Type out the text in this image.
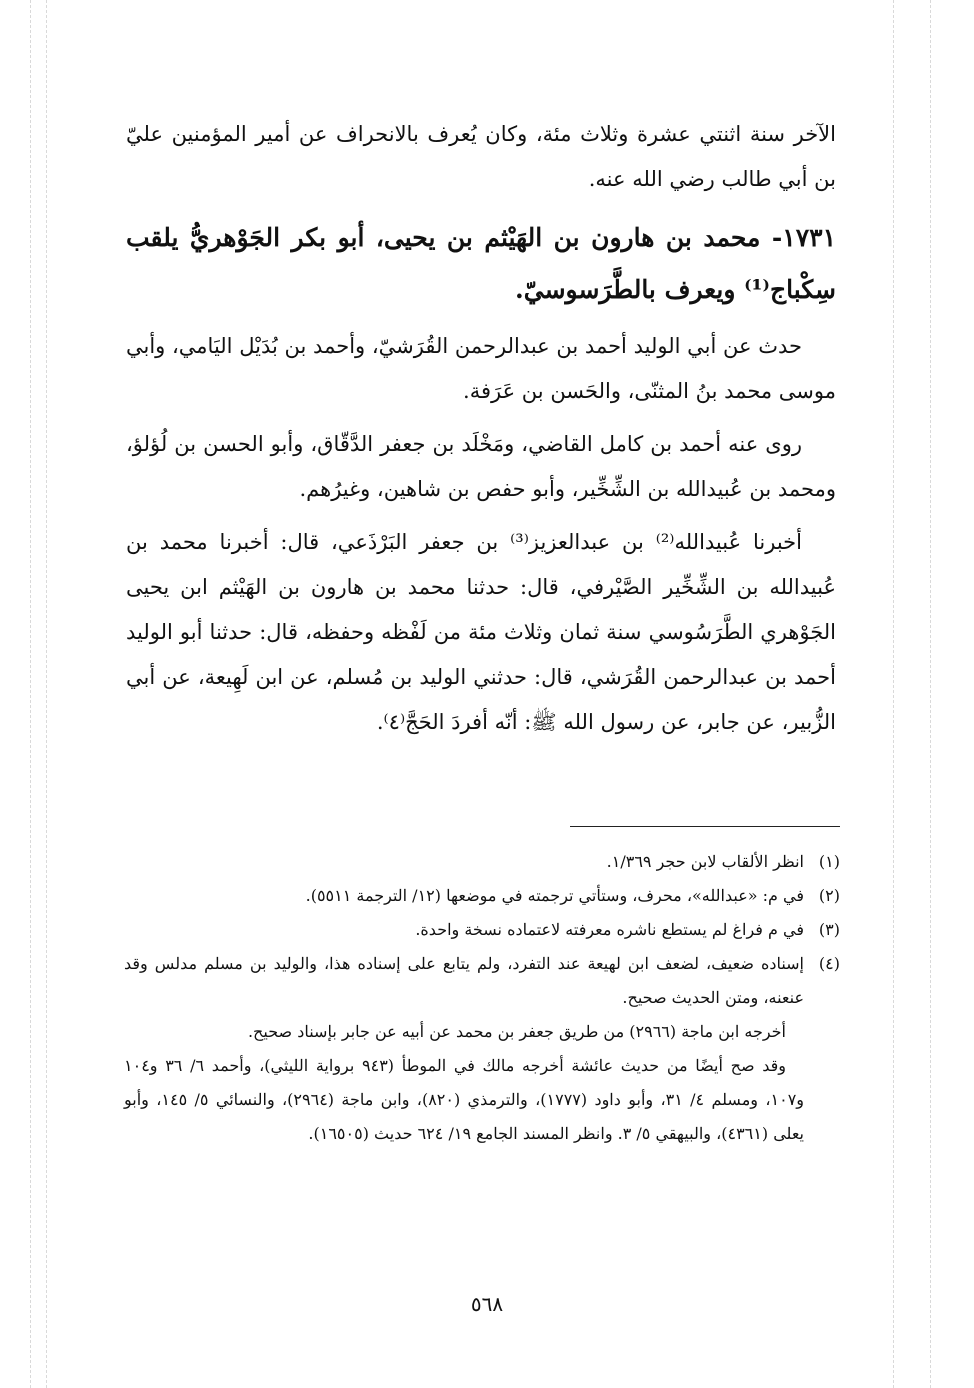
الآخر سنة اثنتي عشرة وثلاث مئة، وكان يُعرف بالانحراف عن أمير المؤمنين عليّ بن أبي طالب رضي الله عنه.

١٧٣١- محمد بن هارون بن الهَيْثم بن يحيى، أبو بكر الجَوْهريُّ يلقب سِكْباج⁽¹⁾ ويعرف بالطَّرَسوسيّ.

حدث عن أبي الوليد أحمد بن عبدالرحمن القُرَشيّ، وأحمد بن بُدَيْل اليَامي، وأبي موسى محمد بنُ المثنّى، والحَسن بن عَرَفة.

روى عنه أحمد بن كامل القاضي، ومَخْلَد بن جعفر الدَّقّاق، وأبو الحسن بن لُؤلؤ، ومحمد بن عُبيدالله بن الشِّخِّير، وأبو حفص بن شاهين، وغيرُهم.

أخبرنا عُبيدالله⁽²⁾ بن عبدالعزيز⁽³⁾ بن جعفر البَرْذَعي، قال: أخبرنا محمد بن عُبيدالله بن الشِّخِّير الصَّيْرفي، قال: حدثنا محمد بن هارون بن الهَيْثم ابن يحيى الجَوْهري الطَّرَسُوسي سنة ثمان وثلاث مئة من لَفْظه وحفظه، قال: حدثنا أبو الوليد أحمد بن عبدالرحمن القُرَشي، قال: حدثني الوليد بن مُسلم، عن ابن لَهِيعة، عن أبي الزُّبير، عن جابر، عن رسول الله ﷺ: أنّه أفردَ الحَجَّ⁽٤⁾.

(١)
انظر الألقاب لابن حجر ١/٣٦٩.
(٢)
في م: «عبدالله»، محرف، وستأتي ترجمته في موضعها (١٢/ الترجمة ٥٥١١).
(٣)
في م فراغ لم يستطع ناشره معرفته لاعتماده نسخة واحدة.
(٤)
إسناده ضعيف، لضعف ابن لهيعة عند التفرد، ولم يتابع على إسناده هذا، والوليد بن مسلم مدلس وقد عنعنه، ومتن الحديث صحيح.

أخرجه ابن ماجة (٢٩٦٦) من طريق جعفر بن محمد عن أبيه عن جابر بإسناد صحيح.

وقد صح أيضًا من حديث عائشة أخرجه مالك في الموطأ (٩٤٣ برواية الليثي)، وأحمد ٦/ ٣٦ و١٠٤ و١٠٧، ومسلم ٤/ ٣١، وأبو داود (١٧٧٧)، والترمذي (٨٢٠)، وابن ماجة (٢٩٦٤)، والنسائي ٥/ ١٤٥، وأبو يعلى (٤٣٦١)، والبيهقي ٥/ ٣. وانظر المسند الجامع ١٩/ ٦٢٤ حديث (١٦٥٠٥).

٥٦٨
